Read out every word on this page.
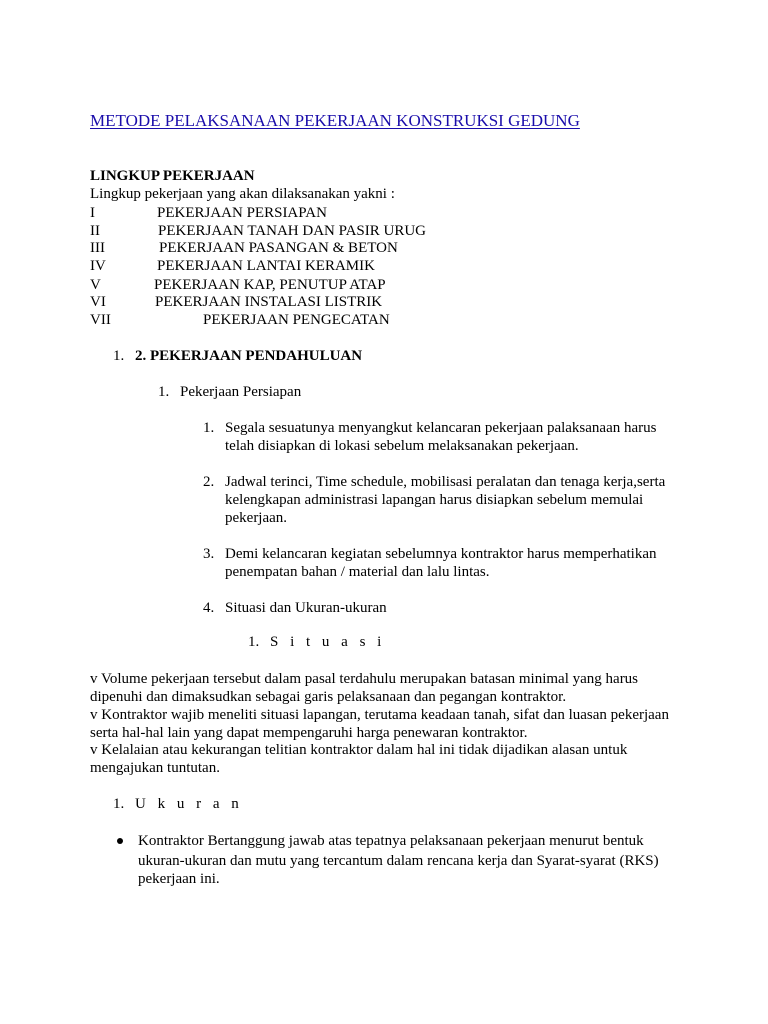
METODE PELAKSANAAN PEKERJAAN KONSTRUKSI GEDUNG
LINGKUP PEKERJAAN
Lingkup pekerjaan yang akan dilaksanakan yakni :
I	PEKERJAAN PERSIAPAN
II	PEKERJAAN TANAH DAN PASIR URUG
III	PEKERJAAN PASANGAN & BETON
IV	PEKERJAAN LANTAI KERAMIK
V	PEKERJAAN KAP, PENUTUP ATAP
VI	PEKERJAAN INSTALASI LISTRIK
VII	PEKERJAAN PENGECATAN
1. 2. PEKERJAAN PENDAHULUAN
1. Pekerjaan Persiapan
1. Segala sesuatunya menyangkut kelancaran pekerjaan palaksanaan harus
telah disiapkan di lokasi sebelum melaksanakan pekerjaan.
2. Jadwal terinci, Time schedule, mobilisasi peralatan dan tenaga kerja,serta
kelengkapan administrasi lapangan harus disiapkan sebelum memulai
pekerjaan.
3. Demi kelancaran kegiatan sebelumnya kontraktor harus memperhatikan
penempatan bahan / material dan lalu lintas.
4. Situasi dan Ukuran-ukuran
1. S i t u a s i
v Volume pekerjaan tersebut dalam pasal terdahulu merupakan batasan minimal yang harus
dipenuhi dan dimaksudkan sebagai garis pelaksanaan dan pegangan kontraktor.
v Kontraktor wajib meneliti situasi lapangan, terutama keadaan tanah, sifat dan luasan pekerjaan
serta hal-hal lain yang dapat mempengaruhi harga penewaran kontraktor.
v Kelalaian atau kekurangan telitian kontraktor dalam hal ini tidak dijadikan alasan untuk
mengajukan tuntutan.
1. U k u r a n
Kontraktor Bertanggung jawab atas tepatnya pelaksanaan pekerjaan menurut bentuk
ukuran-ukuran dan mutu yang tercantum dalam rencana kerja dan Syarat-syarat (RKS)
pekerjaan ini.
